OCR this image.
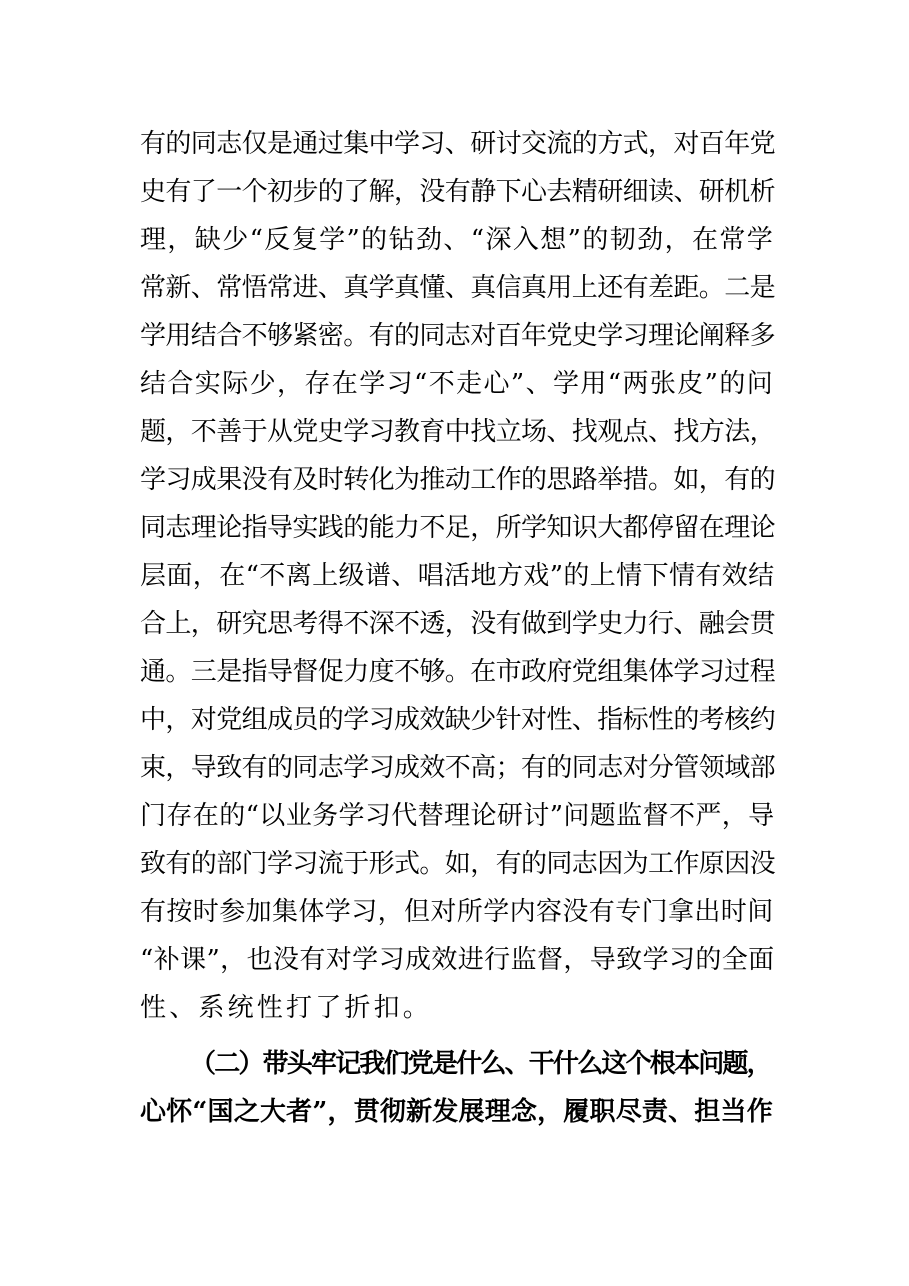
有的同志仅是通过集中学习、研讨交流的方式，对百年党
史有了一个初步的了解，没有静下心去精研细读、研机析
理，缺少“反复学”的钻劲、“深入想”的韧劲，在常学
常新、常悟常进、真学真懂、真信真用上还有差距。二是
学用结合不够紧密。有的同志对百年党史学习理论阐释多
结合实际少，存在学习“不走心”、学用“两张皮”的问
题，不善于从党史学习教育中找立场、找观点、找方法，
学习成果没有及时转化为推动工作的思路举措。如，有的
同志理论指导实践的能力不足，所学知识大都停留在理论
层面，在“不离上级谱、唱活地方戏”的上情下情有效结
合上，研究思考得不深不透，没有做到学史力行、融会贯
通。三是指导督促力度不够。在市政府党组集体学习过程
中，对党组成员的学习成效缺少针对性、指标性的考核约
束，导致有的同志学习成效不高；有的同志对分管领域部
门存在的“以业务学习代替理论研讨”问题监督不严，导
致有的部门学习流于形式。如，有的同志因为工作原因没
有按时参加集体学习，但对所学内容没有专门拿出时间
“补课”，也没有对学习成效进行监督，导致学习的全面
性、系统性打了折扣。
（二）带头牢记我们党是什么、干什么这个根本问题，
心怀“国之大者”，贯彻新发展理念，履职尽责、担当作
